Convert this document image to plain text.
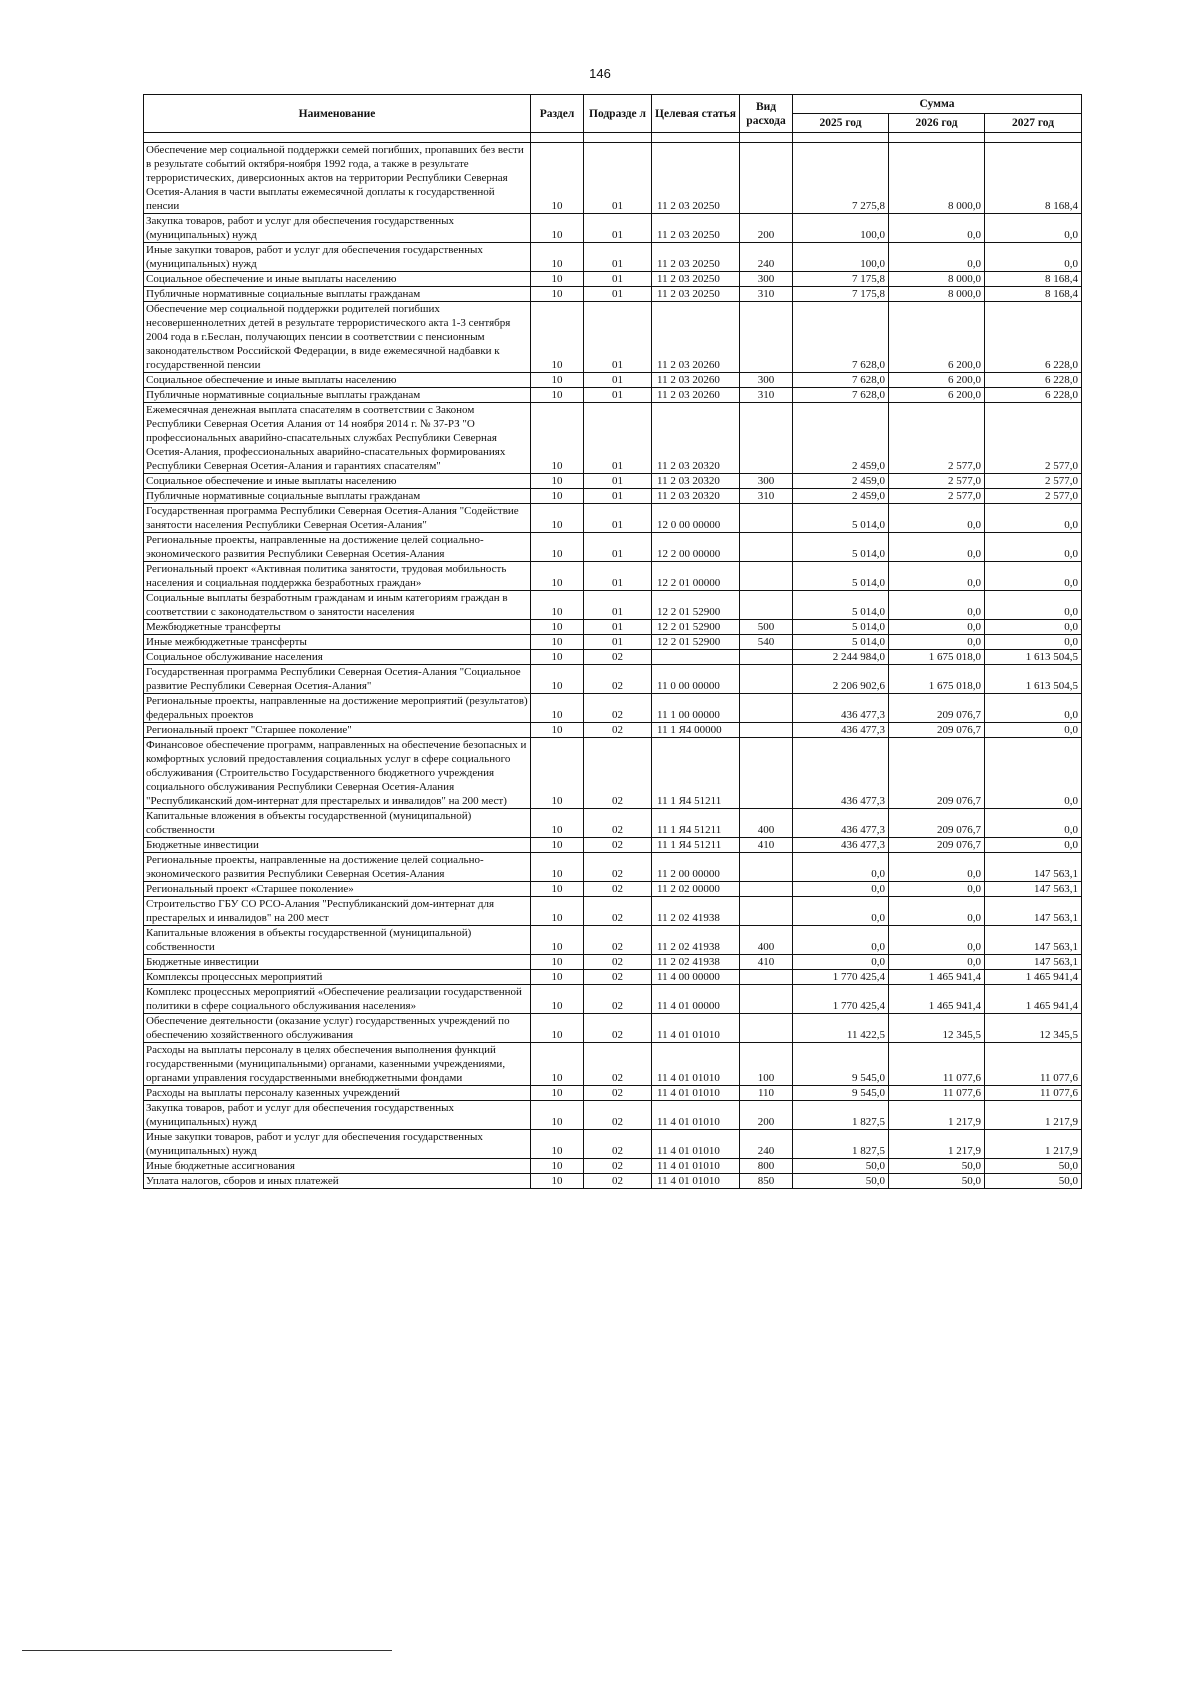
146
Наименование	Раздел	Подразде л	Целевая статья	Вид расхода	Сумма		
					2025 год	2026 год	2027 год

Обеспечение мер социальной поддержки семей погибших, пропавших без вести в результате событий октября-ноября 1992 года, а также в результате террористических, диверсионных актов на территории Республики Северная Осетия-Алания в части выплаты ежемесячной доплаты к государственной пенсии	10	01	11 2 03 20250		7 275,8	8 000,0	8 168,4
Закупка товаров, работ и услуг для обеспечения государственных (муниципальных) нужд	10	01	11 2 03 20250	200	100,0	0,0	0,0
Иные закупки товаров, работ и услуг для обеспечения государственных (муниципальных) нужд	10	01	11 2 03 20250	240	100,0	0,0	0,0
Социальное обеспечение и иные выплаты населению	10	01	11 2 03 20250	300	7 175,8	8 000,0	8 168,4
Публичные нормативные социальные выплаты гражданам	10	01	11 2 03 20250	310	7 175,8	8 000,0	8 168,4
Обеспечение мер социальной поддержки родителей погибших несовершеннолетних детей в результате террористического акта 1-3 сентября 2004 года в г.Беслан, получающих пенсии в соответствии с пенсионным законодательством Российской Федерации, в виде ежемесячной надбавки к государственной пенсии	10	01	11 2 03 20260		7 628,0	6 200,0	6 228,0
Социальное обеспечение и иные выплаты населению	10	01	11 2 03 20260	300	7 628,0	6 200,0	6 228,0
Публичные нормативные социальные выплаты гражданам	10	01	11 2 03 20260	310	7 628,0	6 200,0	6 228,0
Ежемесячная денежная выплата спасателям в соответствии с Законом Республики Северная Осетия Алания от 14 ноября 2014 г. № 37-РЗ "О профессиональных аварийно-спасательных службах Республики Северная Осетия-Алания, профессиональных аварийно-спасательных формированиях Республики Северная Осетия-Алания и гарантиях спасателям"	10	01	11 2 03 20320		2 459,0	2 577,0	2 577,0
Социальное обеспечение и иные выплаты населению	10	01	11 2 03 20320	300	2 459,0	2 577,0	2 577,0
Публичные нормативные социальные выплаты гражданам	10	01	11 2 03 20320	310	2 459,0	2 577,0	2 577,0
Государственная программа Республики Северная Осетия-Алания "Содействие занятости населения Республики Северная Осетия-Алания"	10	01	12 0 00 00000		5 014,0	0,0	0,0
Региональные проекты, направленные на достижение целей социально-экономического развития Республики Северная Осетия-Алания	10	01	12 2 00 00000		5 014,0	0,0	0,0
Региональный проект «Активная политика занятости, трудовая мобильность населения и социальная поддержка безработных граждан»	10	01	12 2 01 00000		5 014,0	0,0	0,0
Социальные выплаты безработным гражданам и иным категориям граждан в соответствии с законодательством о занятости населения	10	01	12 2 01 52900		5 014,0	0,0	0,0
Межбюджетные трансферты	10	01	12 2 01 52900	500	5 014,0	0,0	0,0
Иные межбюджетные трансферты	10	01	12 2 01 52900	540	5 014,0	0,0	0,0
Социальное обслуживание населения	10	02			2 244 984,0	1 675 018,0	1 613 504,5
Государственная программа Республики Северная Осетия-Алания "Социальное развитие Республики Северная Осетия-Алания"	10	02	11 0 00 00000		2 206 902,6	1 675 018,0	1 613 504,5
Региональные проекты, направленные на достижение мероприятий (результатов) федеральных проектов	10	02	11 1 00 00000		436 477,3	209 076,7	0,0
Региональный проект "Старшее поколение"	10	02	11 1 Я4 00000		436 477,3	209 076,7	0,0
Финансовое обеспечение программ, направленных на обеспечение безопасных и комфортных условий предоставления социальных услуг в сфере социального обслуживания (Строительство Государственного бюджетного учреждения социального обслуживания Республики Северная Осетия-Алания "Республиканский дом-интернат для престарелых и инвалидов" на 200 мест)	10	02	11 1 Я4 51211		436 477,3	209 076,7	0,0
Капитальные вложения в объекты государственной (муниципальной) собственности	10	02	11 1 Я4 51211	400	436 477,3	209 076,7	0,0
Бюджетные инвестиции	10	02	11 1 Я4 51211	410	436 477,3	209 076,7	0,0
Региональные проекты, направленные на достижение целей социально-экономического развития Республики Северная Осетия-Алания	10	02	11 2 00 00000		0,0	0,0	147 563,1
Региональный проект «Старшее поколение»	10	02	11 2 02 00000		0,0	0,0	147 563,1
Строительство ГБУ СО РСО-Алания "Республиканский дом-интернат для престарелых и инвалидов" на 200 мест	10	02	11 2 02 41938		0,0	0,0	147 563,1
Капитальные вложения в объекты государственной (муниципальной) собственности	10	02	11 2 02 41938	400	0,0	0,0	147 563,1
Бюджетные инвестиции	10	02	11 2 02 41938	410	0,0	0,0	147 563,1
Комплексы процессных мероприятий	10	02	11 4 00 00000		1 770 425,4	1 465 941,4	1 465 941,4
Комплекс процессных мероприятий «Обеспечение реализации государственной политики в сфере социального обслуживания населения»	10	02	11 4 01 00000		1 770 425,4	1 465 941,4	1 465 941,4
Обеспечение деятельности (оказание услуг) государственных учреждений по обеспечению хозяйственного обслуживания	10	02	11 4 01 01010		11 422,5	12 345,5	12 345,5
Расходы на выплаты персоналу в целях обеспечения выполнения функций государственными (муниципальными) органами, казенными учреждениями, органами управления государственными внебюджетными фондами	10	02	11 4 01 01010	100	9 545,0	11 077,6	11 077,6
Расходы на выплаты персоналу казенных учреждений	10	02	11 4 01 01010	110	9 545,0	11 077,6	11 077,6
Закупка товаров, работ и услуг для обеспечения государственных (муниципальных) нужд	10	02	11 4 01 01010	200	1 827,5	1 217,9	1 217,9
Иные закупки товаров, работ и услуг для обеспечения государственных (муниципальных) нужд	10	02	11 4 01 01010	240	1 827,5	1 217,9	1 217,9
Иные бюджетные ассигнования	10	02	11 4 01 01010	800	50,0	50,0	50,0
Уплата налогов, сборов и иных платежей	10	02	11 4 01 01010	850	50,0	50,0	50,0
